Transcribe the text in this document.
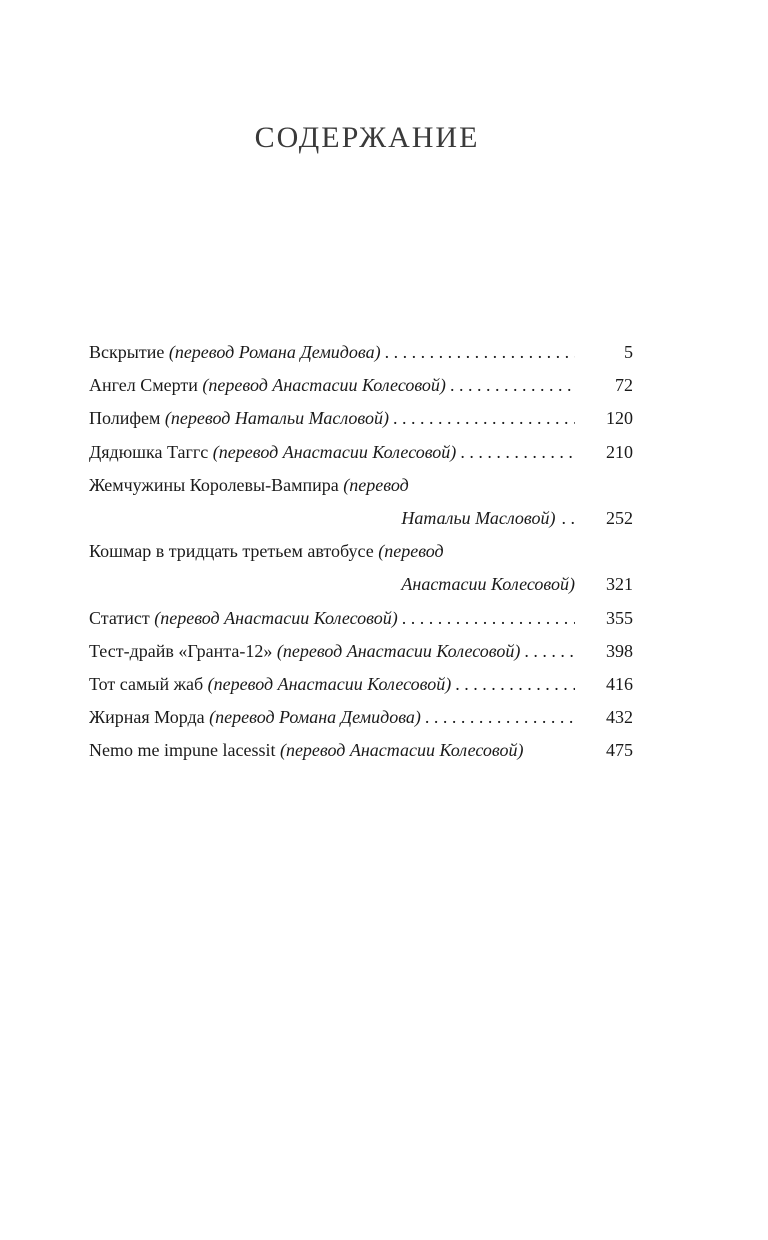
СОДЕРЖАНИЕ
Вскрытие
(перевод Романа Демидова) . . .	5
Ангел Смерти
(перевод Анастасии Колесовой) . . .	72
Полифем
(перевод Натальи Масловой) . . .	120
Дядюшка Таггс
(перевод Анастасии Колесовой) . . .	210
Жемчужины Королевы-Вампира
(перевод
Натальи Масловой) . .	252
Кошмар в тридцать третьем автобусе
(перевод
Анастасии Колесовой)	321
Статист
(перевод Анастасии Колесовой) . . .	355
Тест-драйв «Гранта-12»
(перевод Анастасии Колесовой) . . .	398
Тот самый жаб
(перевод Анастасии Колесовой) . . .	416
Жирная Морда
(перевод Романа Демидова) . . .	432
Nemo me impune lacessit
(перевод Анастасии Колесовой)	475
